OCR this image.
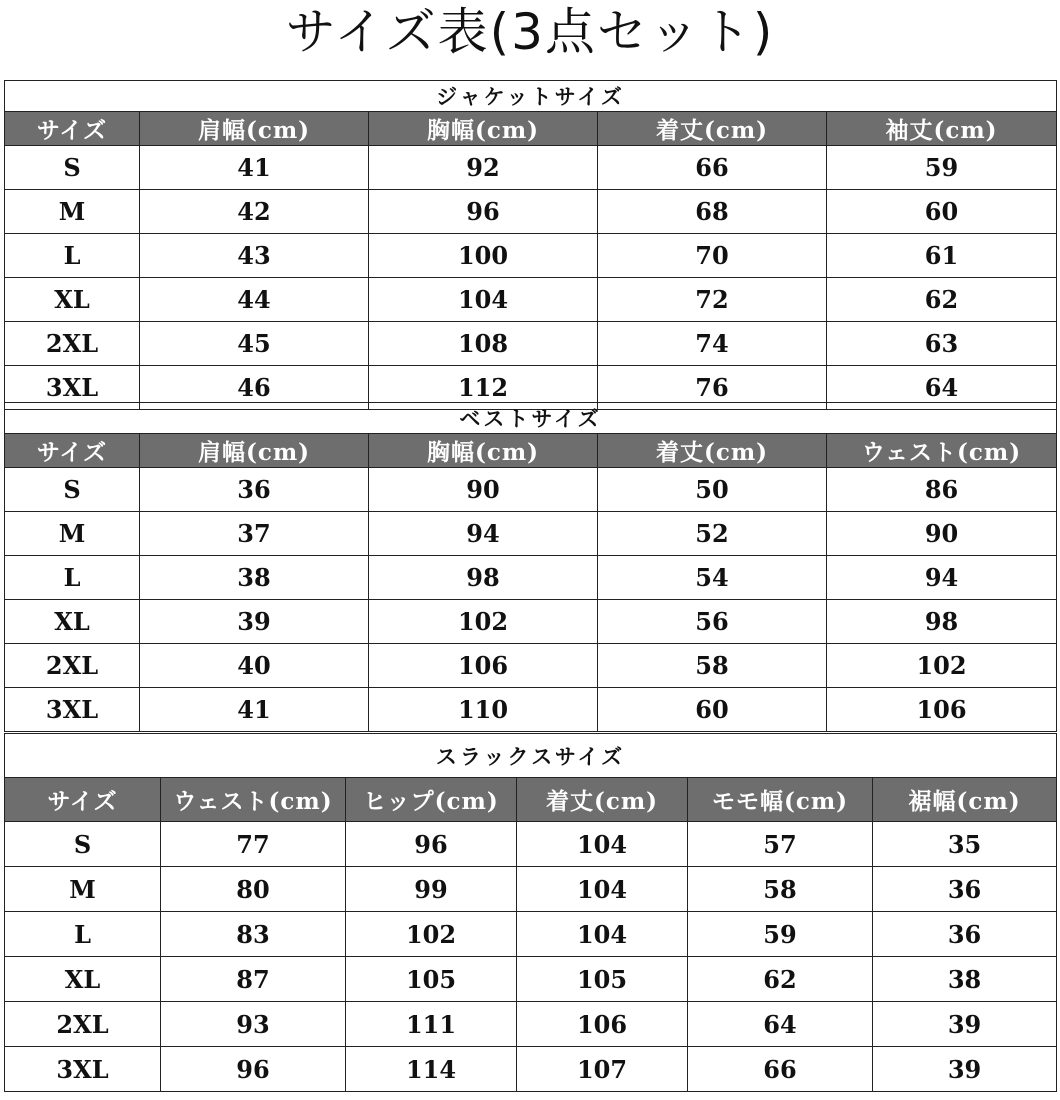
サイズ表(3点セット)
ジャケットサイズ				
サイズ	肩幅(cm)	胸幅(cm)	着丈(cm)	袖丈(cm)
S	41	92	66	59
M	42	96	68	60
L	43	100	70	61
XL	44	104	72	62
2XL	45	108	74	63
3XL	46	112	76	64
ベストサイズ				
サイズ	肩幅(cm)	胸幅(cm)	着丈(cm)	ウェスト(cm)
S	36	90	50	86
M	37	94	52	90
L	38	98	54	94
XL	39	102	56	98
2XL	40	106	58	102
3XL	41	110	60	106
スラックスサイズ					
サイズ	ウェスト(cm)	ヒップ(cm)	着丈(cm)	モモ幅(cm)	裾幅(cm)
S	77	96	104	57	35
M	80	99	104	58	36
L	83	102	104	59	36
XL	87	105	105	62	38
2XL	93	111	106	64	39
3XL	96	114	107	66	39
